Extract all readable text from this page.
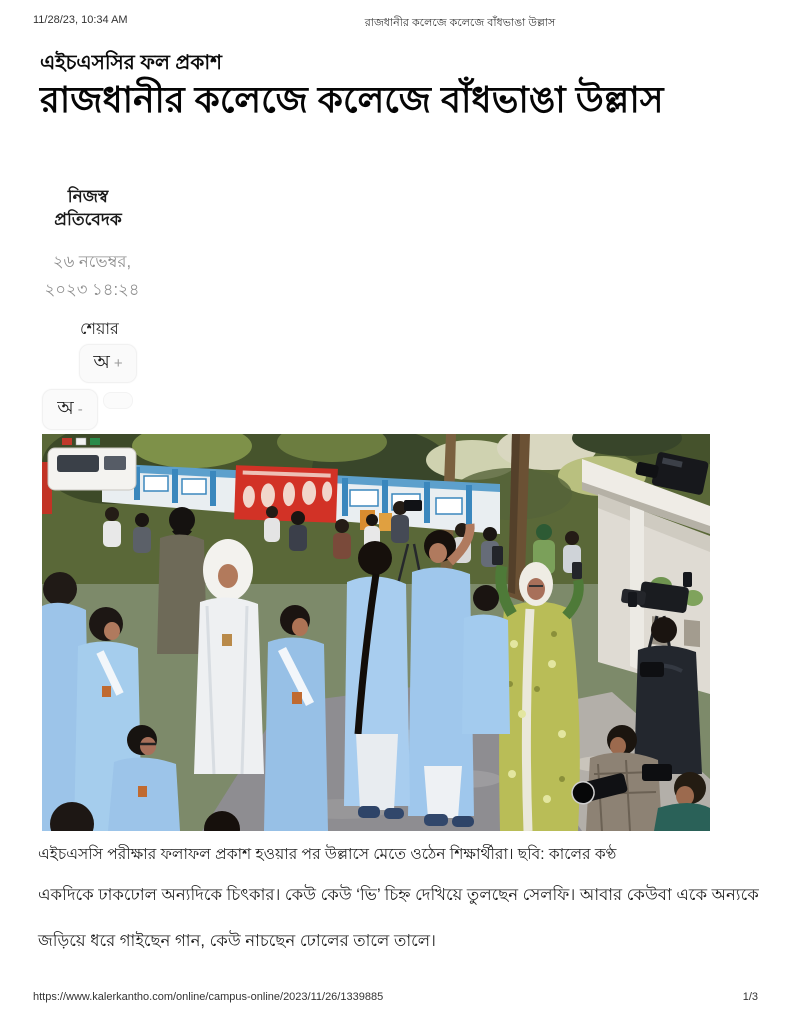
11/28/23, 10:34 AM	রাজধানীর কলেজে কলেজে বাঁধভাঙা উল্লাস
এইচএসসির ফল প্রকাশ
রাজধানীর কলেজে কলেজে বাঁধভাঙা উল্লাস
নিজস্ব
প্রতিবেদক
২৬ নভেম্বর,
২০২৩ ১৪:২৪
শেয়ার
অ +
অ -
এইচএসসি পরীক্ষার ফলাফল প্রকাশ হওয়ার পর উল্লাসে মেতে ওঠেন শিক্ষার্থীরা। ছবি: কালের কণ্ঠ

একদিকে ঢাকঢোল অন্যদিকে চিৎকার। কেউ কেউ ‘ভি’ চিহ্ন দেখিয়ে তুলছেন সেলফি। আবার কেউবা একে অন্যকে জড়িয়ে ধরে গাইছেন গান, কেউ নাচছেন ঢোলের তালে তালে।

https://www.kalerkantho.com/online/campus-online/2023/11/26/1339885	1/3
